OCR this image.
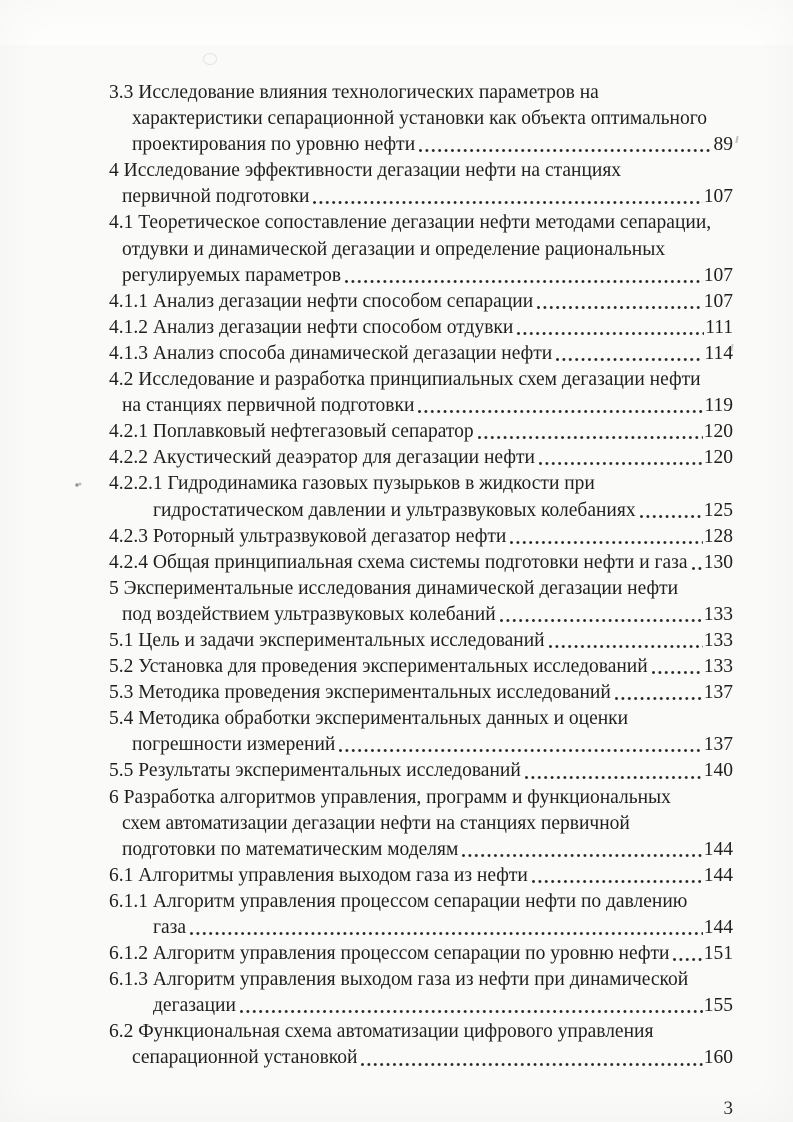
3.3 Исследование влияния технологических параметров на
характеристики сепарационной установки как объекта оптимального
проектирования по уровню нефти	89
4 Исследование эффективности дегазации нефти на станциях
первичной подготовки	107
4.1 Теоретическое сопоставление дегазации нефти методами сепарации,
отдувки и динамической дегазации и определение рациональных
регулируемых параметров	107
4.1.1 Анализ дегазации нефти способом сепарации	107
4.1.2 Анализ дегазации нефти способом отдувки	111
4.1.3 Анализ способа динамической дегазации нефти	114
4.2 Исследование и разработка принципиальных схем дегазации нефти
на станциях первичной подготовки	119
4.2.1 Поплавковый нефтегазовый сепаратор	120
4.2.2 Акустический деаэратор для дегазации нефти	120
4.2.2.1 Гидродинамика газовых пузырьков в жидкости при
гидростатическом давлении и ультразвуковых колебаниях	125
4.2.3 Роторный ультразвуковой дегазатор нефти	128
4.2.4 Общая принципиальная схема системы подготовки нефти и газа 130
5 Экспериментальные исследования динамической дегазации нефти
под воздействием ультразвуковых колебаний	133
5.1 Цель и задачи экспериментальных исследований	133
5.2 Установка для проведения экспериментальных исследований	133
5.3 Методика проведения экспериментальных исследований	137
5.4 Методика обработки экспериментальных данных и оценки
погрешности измерений	137
5.5 Результаты экспериментальных исследований	140
6 Разработка алгоритмов управления, программ и функциональных
схем автоматизации дегазации нефти на станциях первичной
подготовки по математическим моделям	144
6.1 Алгоритмы управления выходом газа из нефти	144
6.1.1 Алгоритм управления процессом сепарации нефти по давлению
газа	144
6.1.2 Алгоритм управления процессом сепарации по уровню нефти 151
6.1.3 Алгоритм управления выходом газа из нефти при динамической
дегазации	155
6.2 Функциональная схема автоматизации цифрового управления
сепарационной установкой	160
3
